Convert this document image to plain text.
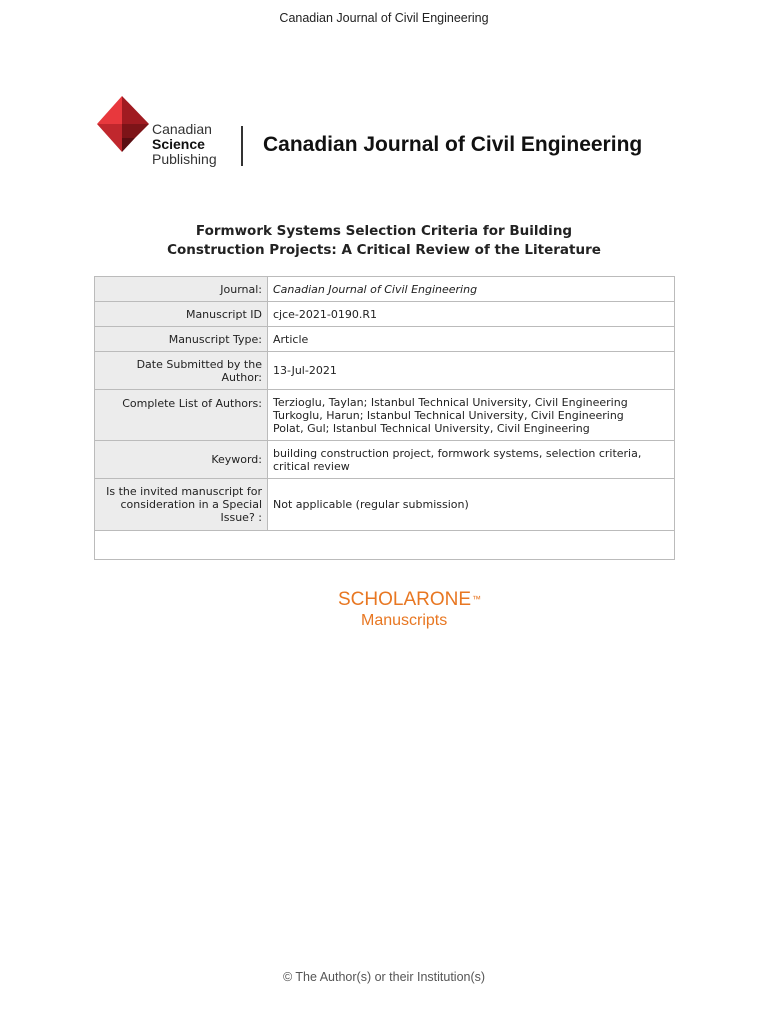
Canadian Journal of Civil Engineering
Canadian
Science
Publishing
Canadian Journal of Civil Engineering
Formwork Systems Selection Criteria for Building
Construction Projects: A Critical Review of the Literature
Journal:	Canadian Journal of Civil Engineering
Manuscript ID	cjce-2021-0190.R1
Manuscript Type:	Article

Date Submitted by the
Author:	13-Jul-2021
Complete List of Authors:	Terzioglu, Taylan; Istanbul Technical University, Civil Engineering
Turkoglu, Harun; Istanbul Technical University, Civil Engineering
Polat, Gul; Istanbul Technical University, Civil Engineering

Keyword:	building construction project, formwork systems, selection criteria,
critical review

Is the invited manuscript for
consideration in a Special
Issue? :	Not applicable (regular submission)

SCHOLARONE™
Manuscripts
© The Author(s) or their Institution(s)
